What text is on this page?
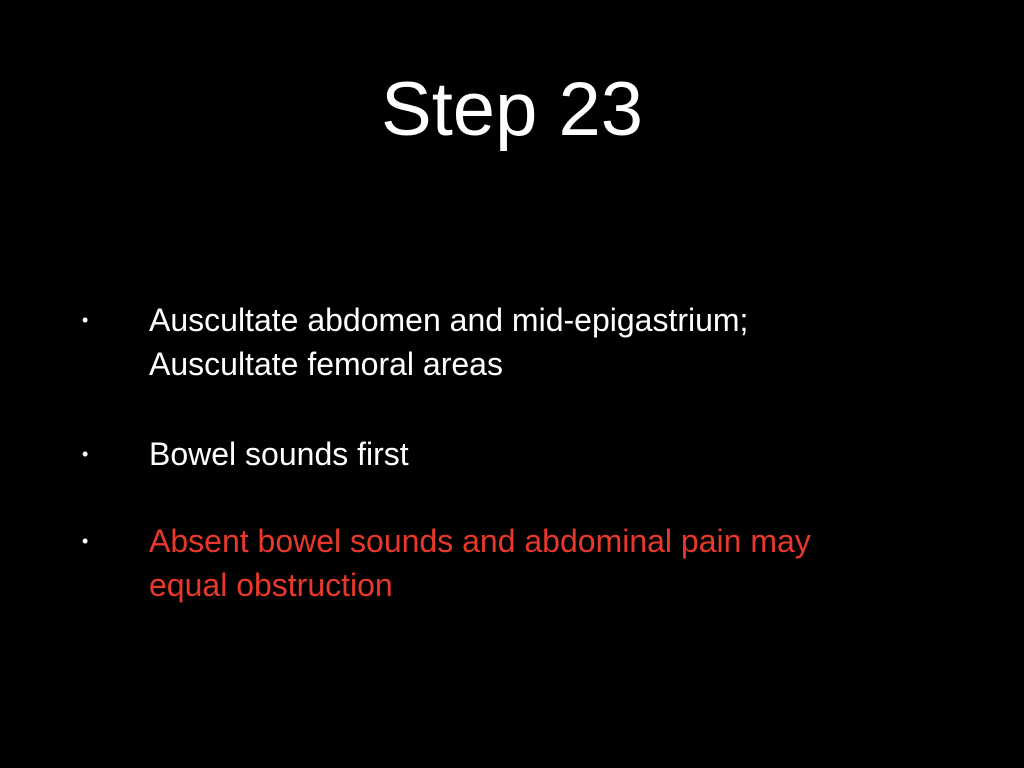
Step 23
• Auscultate abdomen and mid-epigastrium;
Auscultate femoral areas

• Bowel sounds first

• Absent bowel sounds and abdominal pain may
equal obstruction
